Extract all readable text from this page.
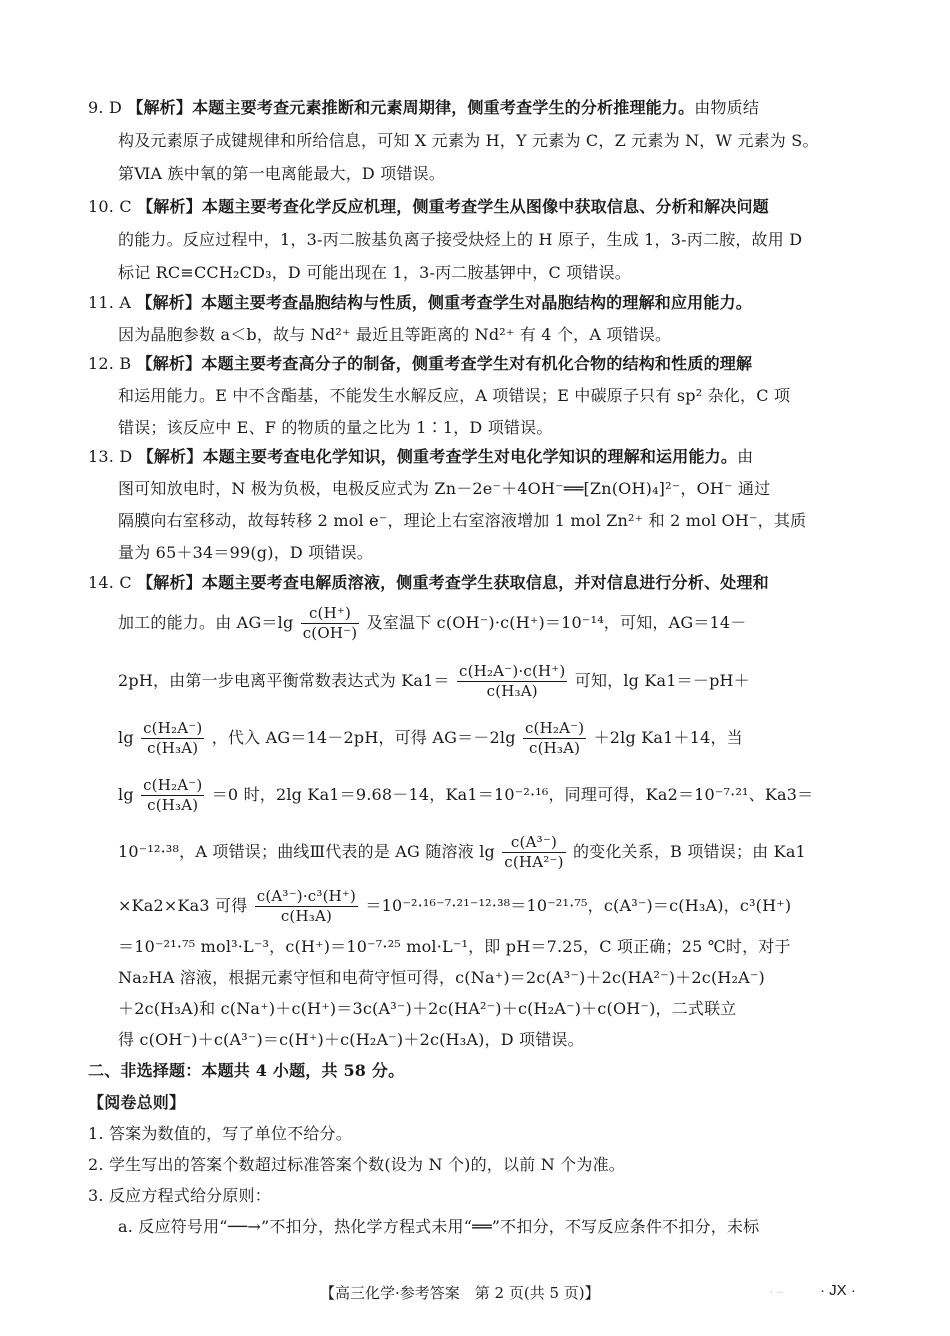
9. D 【解析】本题主要考查元素推断和元素周期律，侧重考查学生的分析推理能力。由物质结
构及元素原子成键规律和所给信息，可知 X 元素为 H，Y 元素为 C，Z 元素为 N，W 元素为 S。
第ⅥA 族中氧的第一电离能最大，D 项错误。
10. C 【解析】本题主要考查化学反应机理，侧重考查学生从图像中获取信息、分析和解决问题
的能力。反应过程中，1，3-丙二胺基负离子接受炔烃上的 H 原子，生成 1，3-丙二胺，故用 D
标记 RC≡CCH₂CD₃，D 可能出现在 1，3-丙二胺基钾中，C 项错误。
11. A 【解析】本题主要考查晶胞结构与性质，侧重考查学生对晶胞结构的理解和应用能力。
因为晶胞参数 a＜b，故与 Nd²⁺ 最近且等距离的 Nd²⁺ 有 4 个，A 项错误。
12. B 【解析】本题主要考查高分子的制备，侧重考查学生对有机化合物的结构和性质的理解
和运用能力。E 中不含酯基，不能发生水解反应，A 项错误；E 中碳原子只有 sp² 杂化，C 项
错误；该反应中 E、F 的物质的量之比为 1∶1，D 项错误。
13. D 【解析】本题主要考查电化学知识，侧重考查学生对电化学知识的理解和运用能力。由
图可知放电时，N 极为负极，电极反应式为 Zn－2e⁻＋4OH⁻══[Zn(OH)₄]²⁻，OH⁻ 通过
隔膜向右室移动，故每转移 2 mol e⁻，理论上右室溶液增加 1 mol Zn²⁺ 和 2 mol OH⁻，其质
量为 65＋34＝99(g)，D 项错误。
14. C 【解析】本题主要考查电解质溶液，侧重考查学生获取信息，并对信息进行分析、处理和
加工的能力。由 $AG=\lg \frac{c(H^+)}{c(OH^-)}$ 及室温下 c(OH⁻)·c(H⁺)＝10⁻¹⁴，可知，AG＝14－
2pH，由第一步电离平衡常数表达式为 $Ka1= \frac{\text{c(H₂A⁻)·c(H⁺)}}{\text{c(H₃A)}}$ 可知，lg Ka1＝－pH＋
$\lg \frac{\text{c(H₂A⁻)}}{\text{c(H₃A)}}$ ，代入 AG＝14－2pH，可得 $AG=-2\lg \frac{\text{c(H₂A⁻)}}{\text{c(H₃A)}} +2\lg$ Ka1＋14，当
$\lg \frac{\text{c(H₂A⁻)}}{\text{c(H₃A)}} =0$ 时，2lg Ka1＝9.68－14，Ka1＝10⁻²·¹⁶，同理可得，Ka2＝10⁻⁷·²¹、Ka3＝
10⁻¹²·³⁸，A 项错误；曲线Ⅲ代表的是 AG 随溶液 $\lg \frac{\text{c(A³⁻)}}{\text{c(HA²⁻)}}$ 的变化关系，B 项错误；由 Ka1
×Ka2×Ka3 可得 $\frac{\text{c(A³⁻)·c³(H⁺)}}{\text{c(H₃A)}} =10^{-2}\cdot^{16-7}\cdot^{21-12}\cdot^{38}=10^{-21}\cdot^{75}$，c(A³⁻)＝c(H₃A)，c³(H⁺)
＝10⁻²¹·⁷⁵ mol³·L⁻³，c(H⁺)＝10⁻⁷·²⁵ mol·L⁻¹，即 pH＝7.25，C 项正确；25 ℃时，对于
Na₂HA 溶液，根据元素守恒和电荷守恒可得，c(Na⁺)＝2c(A³⁻)＋2c(HA²⁻)＋2c(H₂A⁻)
＋2c(H₃A)和 c(Na⁺)＋c(H⁺)＝3c(A³⁻)＋2c(HA²⁻)＋c(H₂A⁻)＋c(OH⁻)，二式联立
得 c(OH⁻)＋c(A³⁻)＝c(H⁺)＋c(H₂A⁻)＋2c(H₃A)，D 项错误。
二、非选择题：本题共 4 小题，共 58 分。
【阅卷总则】
1. 答案为数值的，写了单位不给分。
2. 学生写出的答案个数超过标准答案个数(设为 N 个)的，以前 N 个为准。
3. 反应方程式给分原则：
a. 反应符号用“──→”不扣分，热化学方程式未用“══”不扣分，不写反应条件不扣分，未标
【高三化学·参考答案　第 2 页(共 5 页)】	· ·· · JX ·
